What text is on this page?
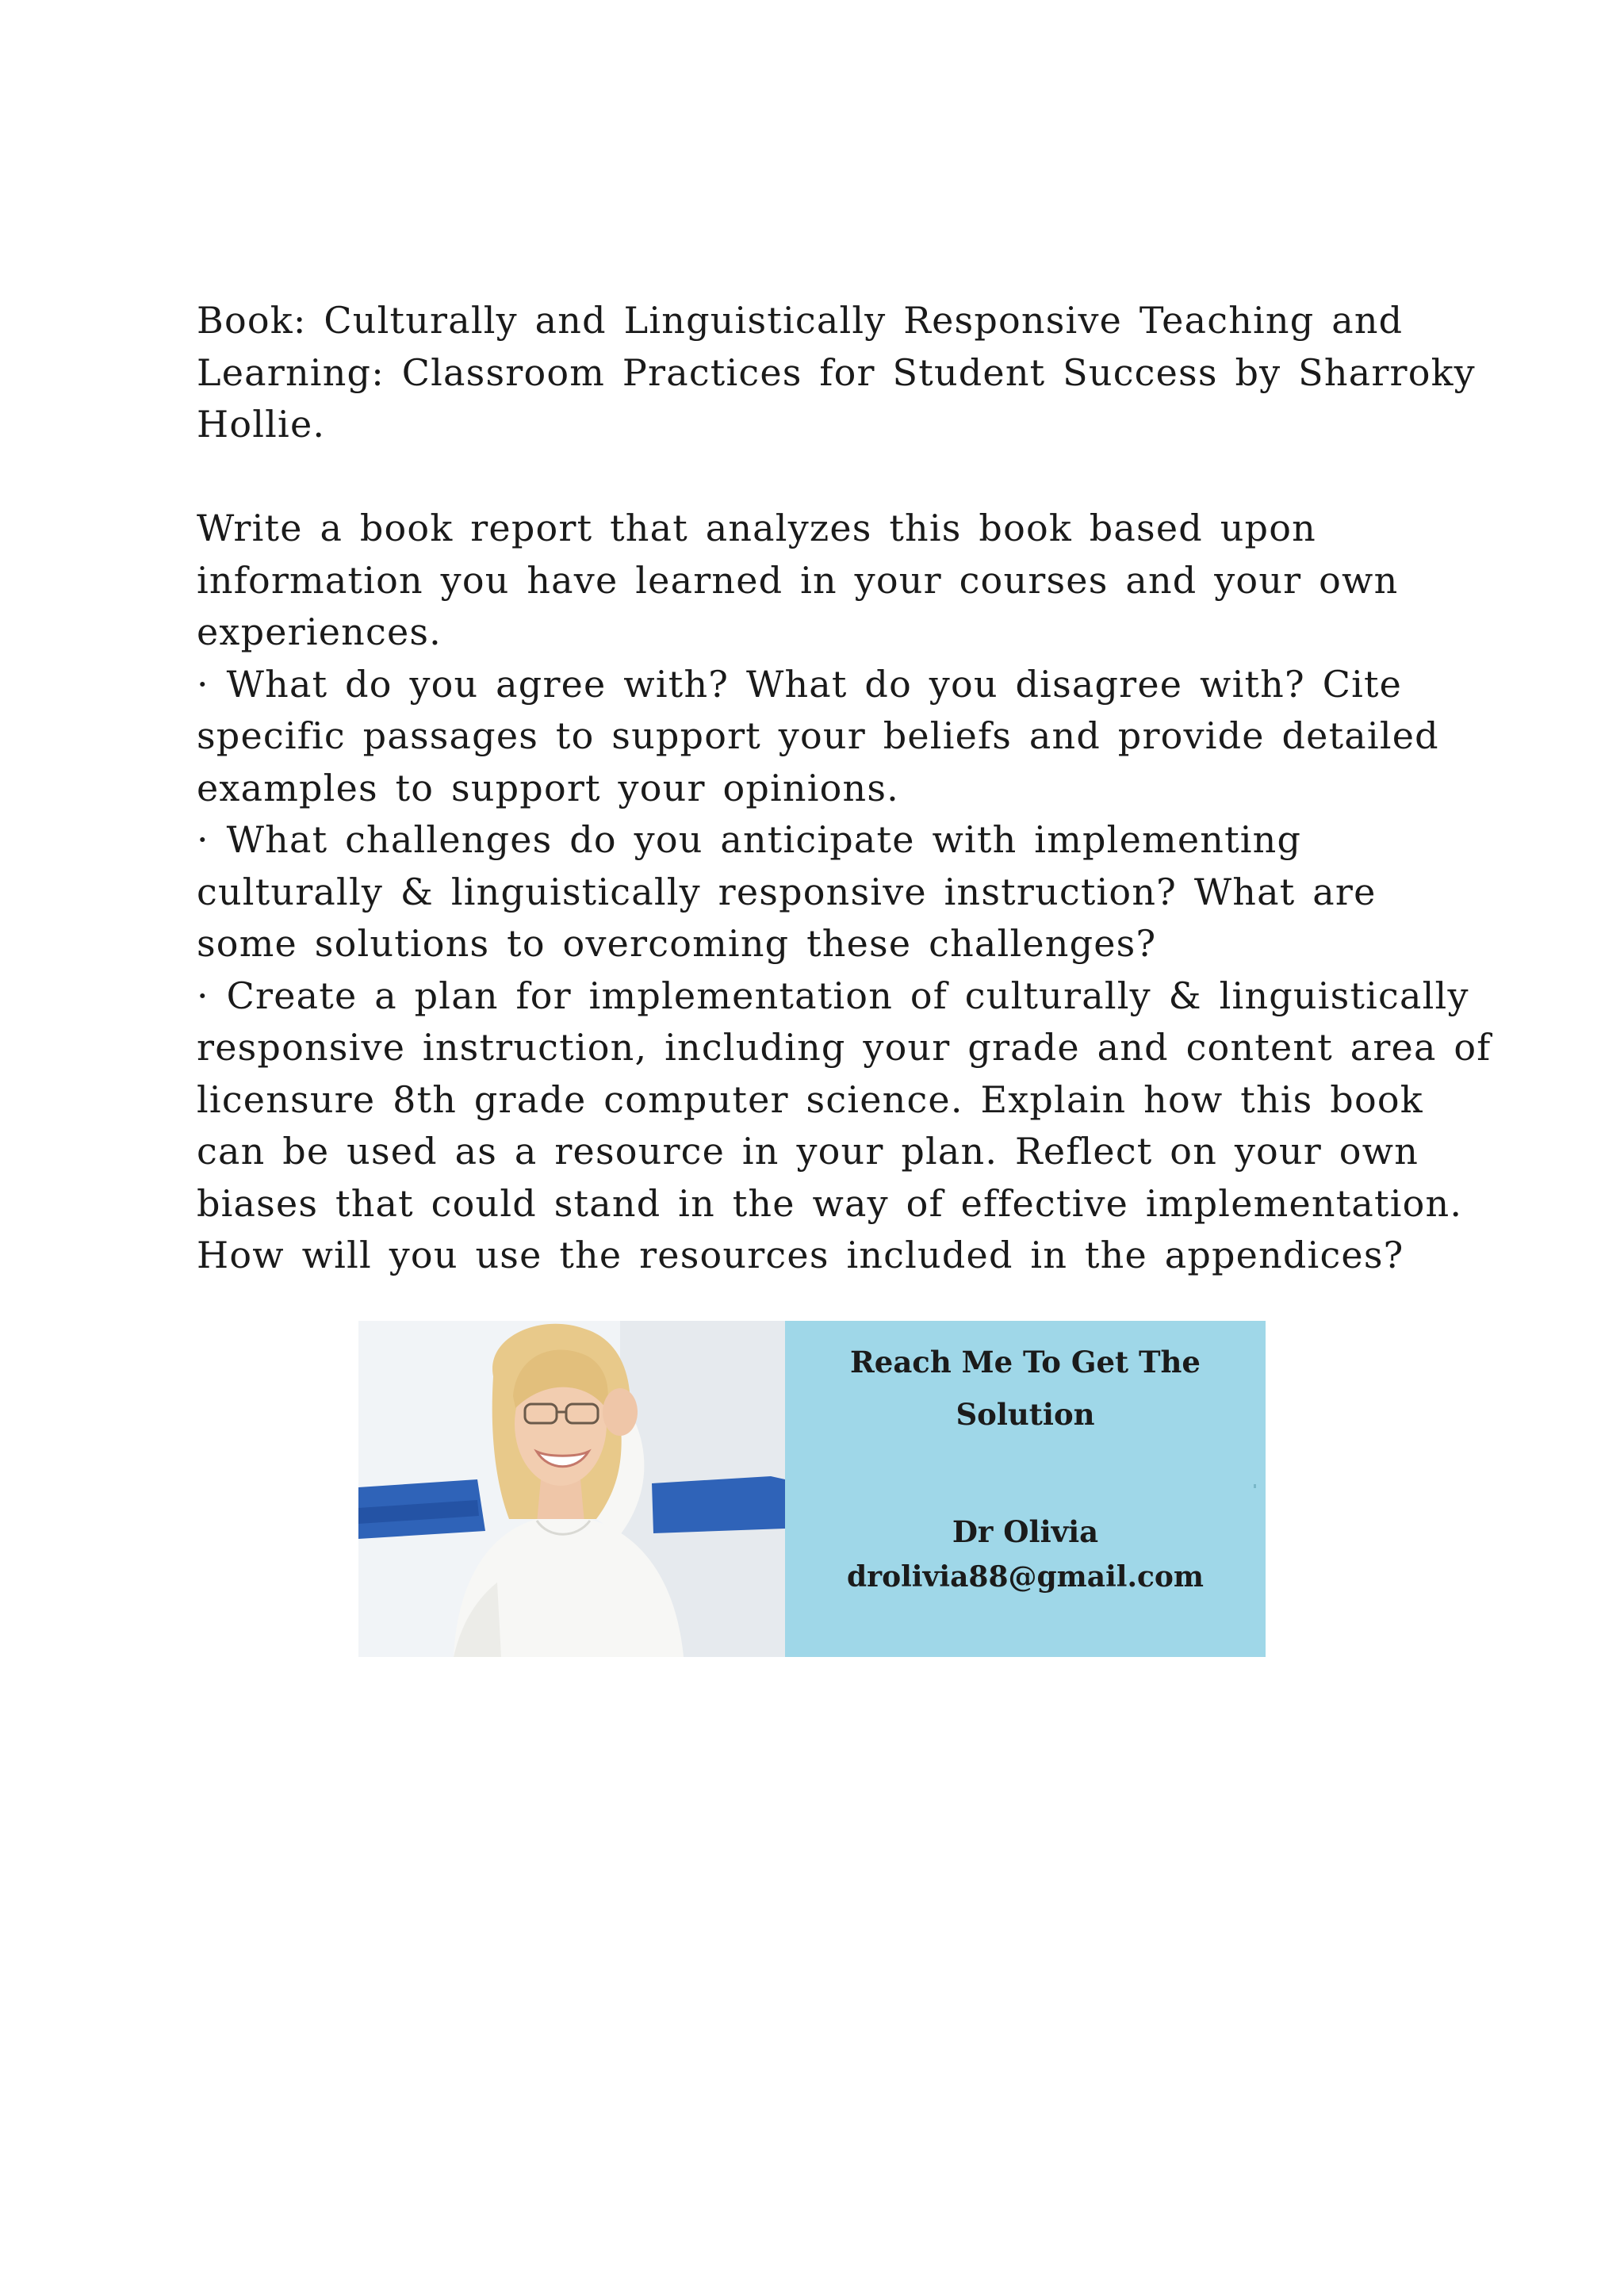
Book: Culturally and Linguistically Responsive Teaching and
Learning: Classroom Practices for Student Success by Sharroky
Hollie.
Write a book report that analyzes this book based upon
information you have learned in your courses and your own
experiences.
· What do you agree with? What do you disagree with? Cite
specific passages to support your beliefs and provide detailed
examples to support your opinions.
· What challenges do you anticipate with implementing
culturally & linguistically responsive instruction? What are
some solutions to overcoming these challenges?
· Create a plan for implementation of culturally & linguistically
responsive instruction, including your grade and content area of
licensure 8th grade computer science. Explain how this book
can be used as a resource in your plan. Reflect on your own
biases that could stand in the way of effective implementation.
How will you use the resources included in the appendices?
Reach Me To Get The
Solution
Dr Olivia
drolivia88@gmail.com
